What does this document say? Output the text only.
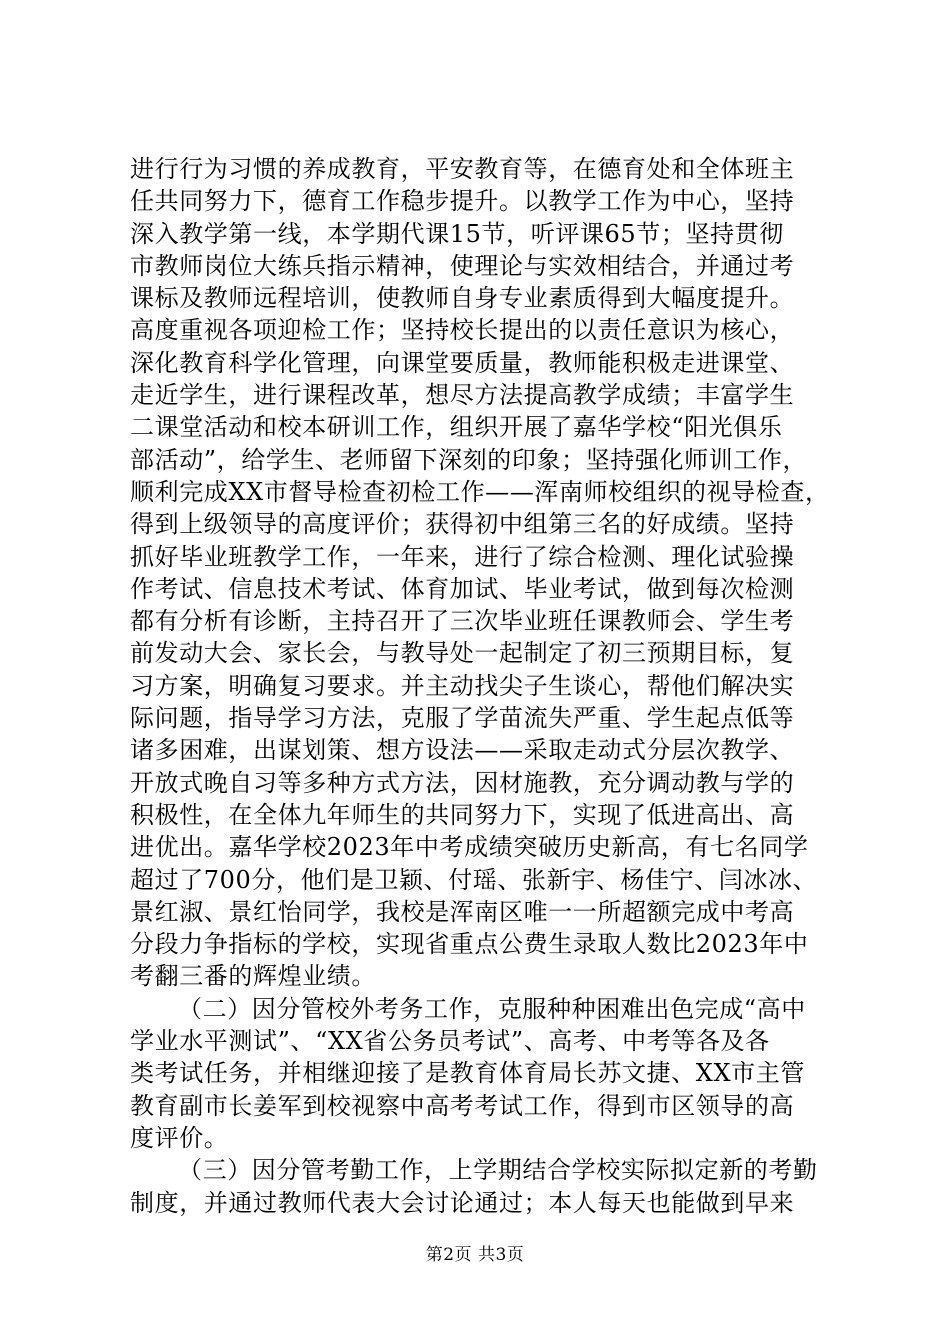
进行行为习惯的养成教育，平安教育等，在德育处和全体班主
任共同努力下，德育工作稳步提升。以教学工作为中心，坚持
深入教学第一线，本学期代课15节，听评课65节；坚持贯彻
市教师岗位大练兵指示精神，使理论与实效相结合，并通过考
课标及教师远程培训，使教师自身专业素质得到大幅度提升。
高度重视各项迎检工作；坚持校长提出的以责任意识为核心，
深化教育科学化管理，向课堂要质量，教师能积极走进课堂、
走近学生，进行课程改革，想尽方法提高教学成绩；丰富学生
二课堂活动和校本研训工作，组织开展了嘉华学校“阳光俱乐
部活动”，给学生、老师留下深刻的印象；坚持强化师训工作，
顺利完成XX市督导检查初检工作——浑南师校组织的视导检查，
得到上级领导的高度评价；获得初中组第三名的好成绩。坚持
抓好毕业班教学工作，一年来，进行了综合检测、理化试验操
作考试、信息技术考试、体育加试、毕业考试，做到每次检测
都有分析有诊断，主持召开了三次毕业班任课教师会、学生考
前发动大会、家长会，与教导处一起制定了初三预期目标，复
习方案，明确复习要求。并主动找尖子生谈心，帮他们解决实
际问题，指导学习方法，克服了学苗流失严重、学生起点低等
诸多困难，出谋划策、想方设法——采取走动式分层次教学、
开放式晚自习等多种方式方法，因材施教，充分调动教与学的
积极性，在全体九年师生的共同努力下，实现了低进高出、高
进优出。嘉华学校2023年中考成绩突破历史新高，有七名同学
超过了700分，他们是卫颖、付瑶、张新宇、杨佳宁、闫冰冰、
景红淑、景红怡同学，我校是浑南区唯一一所超额完成中考高
分段力争指标的学校，实现省重点公费生录取人数比2023年中
考翻三番的辉煌业绩。
（二）因分管校外考务工作，克服种种困难出色完成“高中
学业水平测试”、“XX省公务员考试”、高考、中考等各及各
类考试任务，并相继迎接了是教育体育局长苏文捷、XX市主管
教育副市长姜军到校视察中高考考试工作，得到市区领导的高
度评价。
（三）因分管考勤工作，上学期结合学校实际拟定新的考勤
制度，并通过教师代表大会讨论通过；本人每天也能做到早来
第2页 共3页
